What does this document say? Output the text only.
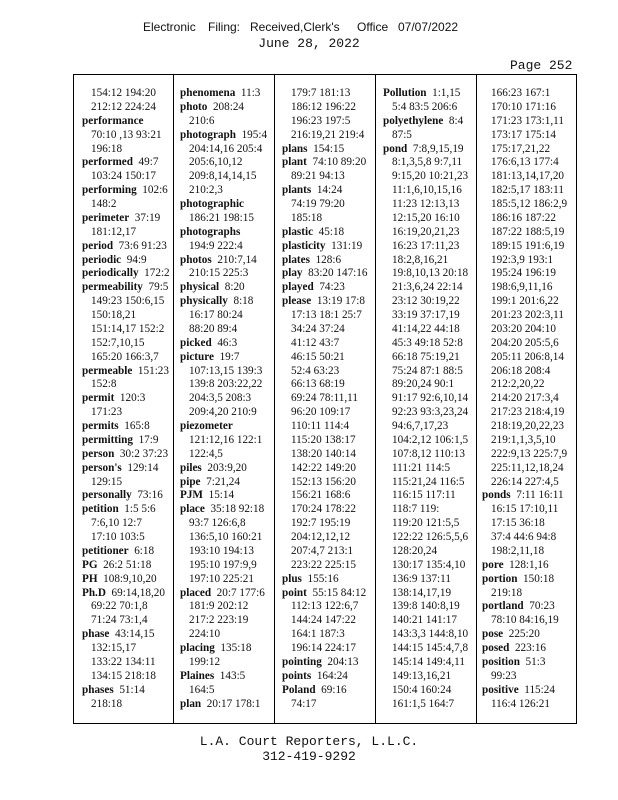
Electronic Filing: Received,Clerk's Office 07/07/2022
June 28, 2022
Page 252
154:12 194:20
212:12 224:24
performance
70:10 ,13 93:21
196:18
performed  49:7
103:24 150:17
performing  102:6
148:2
perimeter  37:19
181:12,17
period  73:6 91:23
periodic  94:9
periodically  172:2
permeability  79:5
149:23 150:6,15
150:18,21
151:14,17 152:2
152:7,10,15
165:20 166:3,7
permeable  151:23
152:8
permit  120:3
171:23
permits  165:8
permitting  17:9
person  30:2 37:23
person's  129:14
129:15
personally  73:16
petition  1:5 5:6
7:6,10 12:7
17:10 103:5
petitioner  6:18
PG  26:2 51:18
PH  108:9,10,20
Ph.D  69:14,18,20
69:22 70:1,8
71:24 73:1,4
phase  43:14,15
132:15,17
133:22 134:11
134:15 218:18
phases  51:14
218:18
phenomena  11:3
photo  208:24
210:6
photograph  195:4
204:14,16 205:4
205:6,10,12
209:8,14,14,15
210:2,3
photographic
186:21 198:15
photographs
194:9 222:4
photos  210:7,14
210:15 225:3
physical  8:20
physically  8:18
16:17 80:24
88:20 89:4
picked  46:3
picture  19:7
107:13,15 139:3
139:8 203:22,22
204:3,5 208:3
209:4,20 210:9
piezometer
121:12,16 122:1
122:4,5
piles  203:9,20
pipe  7:21,24
PJM  15:14
place  35:18 92:18
93:7 126:6,8
136:5,10 160:21
193:10 194:13
195:10 197:9,9
197:10 225:21
placed  20:7 177:6
181:9 202:12
217:2 223:19
224:10
placing  135:18
199:12
Plaines  143:5
164:5
plan  20:17 178:1
179:7 181:13
186:12 196:22
196:23 197:5
216:19,21 219:4
plans  154:15
plant  74:10 89:20
89:21 94:13
plants  14:24
74:19 79:20
185:18
plastic  45:18
plasticity  131:19
plates  128:6
play  83:20 147:16
played  74:23
please  13:19 17:8
17:13 18:1 25:7
34:24 37:24
41:12 43:7
46:15 50:21
52:4 63:23
66:13 68:19
69:24 78:11,11
96:20 109:17
110:11 114:4
115:20 138:17
138:20 140:14
142:22 149:20
152:13 156:20
156:21 168:6
170:24 178:22
192:7 195:19
204:12,12,12
207:4,7 213:1
223:22 225:15
plus  155:16
point  55:15 84:12
112:13 122:6,7
144:24 147:22
164:1 187:3
196:14 224:17
pointing  204:13
points  164:24
Poland  69:16
74:17
Pollution  1:1,15
5:4 83:5 206:6
polyethylene  8:4
87:5
pond  7:8,9,15,19
8:1,3,5,8 9:7,11
9:15,20 10:21,23
11:1,6,10,15,16
11:23 12:13,13
12:15,20 16:10
16:19,20,21,23
16:23 17:11,23
18:2,8,16,21
19:8,10,13 20:18
21:3,6,24 22:14
23:12 30:19,22
33:19 37:17,19
41:14,22 44:18
45:3 49:18 52:8
66:18 75:19,21
75:24 87:1 88:5
89:20,24 90:1
91:17 92:6,10,14
92:23 93:3,23,24
94:6,7,17,23
104:2,12 106:1,5
107:8,12 110:13
111:21 114:5
115:21,24 116:5
116:15 117:11
118:7 119:
119:20 121:5,5
122:22 126:5,5,6
128:20,24
130:17 135:4,10
136:9 137:11
138:14,17,19
139:8 140:8,19
140:21 141:17
143:3,3 144:8,10
144:15 145:4,7,8
145:14 149:4,11
149:13,16,21
150:4 160:24
161:1,5 164:7
166:23 167:1
170:10 171:16
171:23 173:1,11
173:17 175:14
175:17,21,22
176:6,13 177:4
181:13,14,17,20
182:5,17 183:11
185:5,12 186:2,9
186:16 187:22
187:22 188:5,19
189:15 191:6,19
192:3,9 193:1
195:24 196:19
198:6,9,11,16
199:1 201:6,22
201:23 202:3,11
203:20 204:10
204:20 205:5,6
205:11 206:8,14
206:18 208:4
212:2,20,22
214:20 217:3,4
217:23 218:4,19
218:19,20,22,23
219:1,1,3,5,10
222:9,13 225:7,9
225:11,12,18,24
226:14 227:4,5
ponds  7:11 16:11
16:15 17:10,11
17:15 36:18
37:4 44:6 94:8
198:2,11,18
pore  128:1,16
portion  150:18
219:18
portland  70:23
78:10 84:16,19
pose  225:20
posed  223:16
position  51:3
99:23
positive  115:24
116:4 126:21
L.A. Court Reporters, L.L.C.
312-419-9292
